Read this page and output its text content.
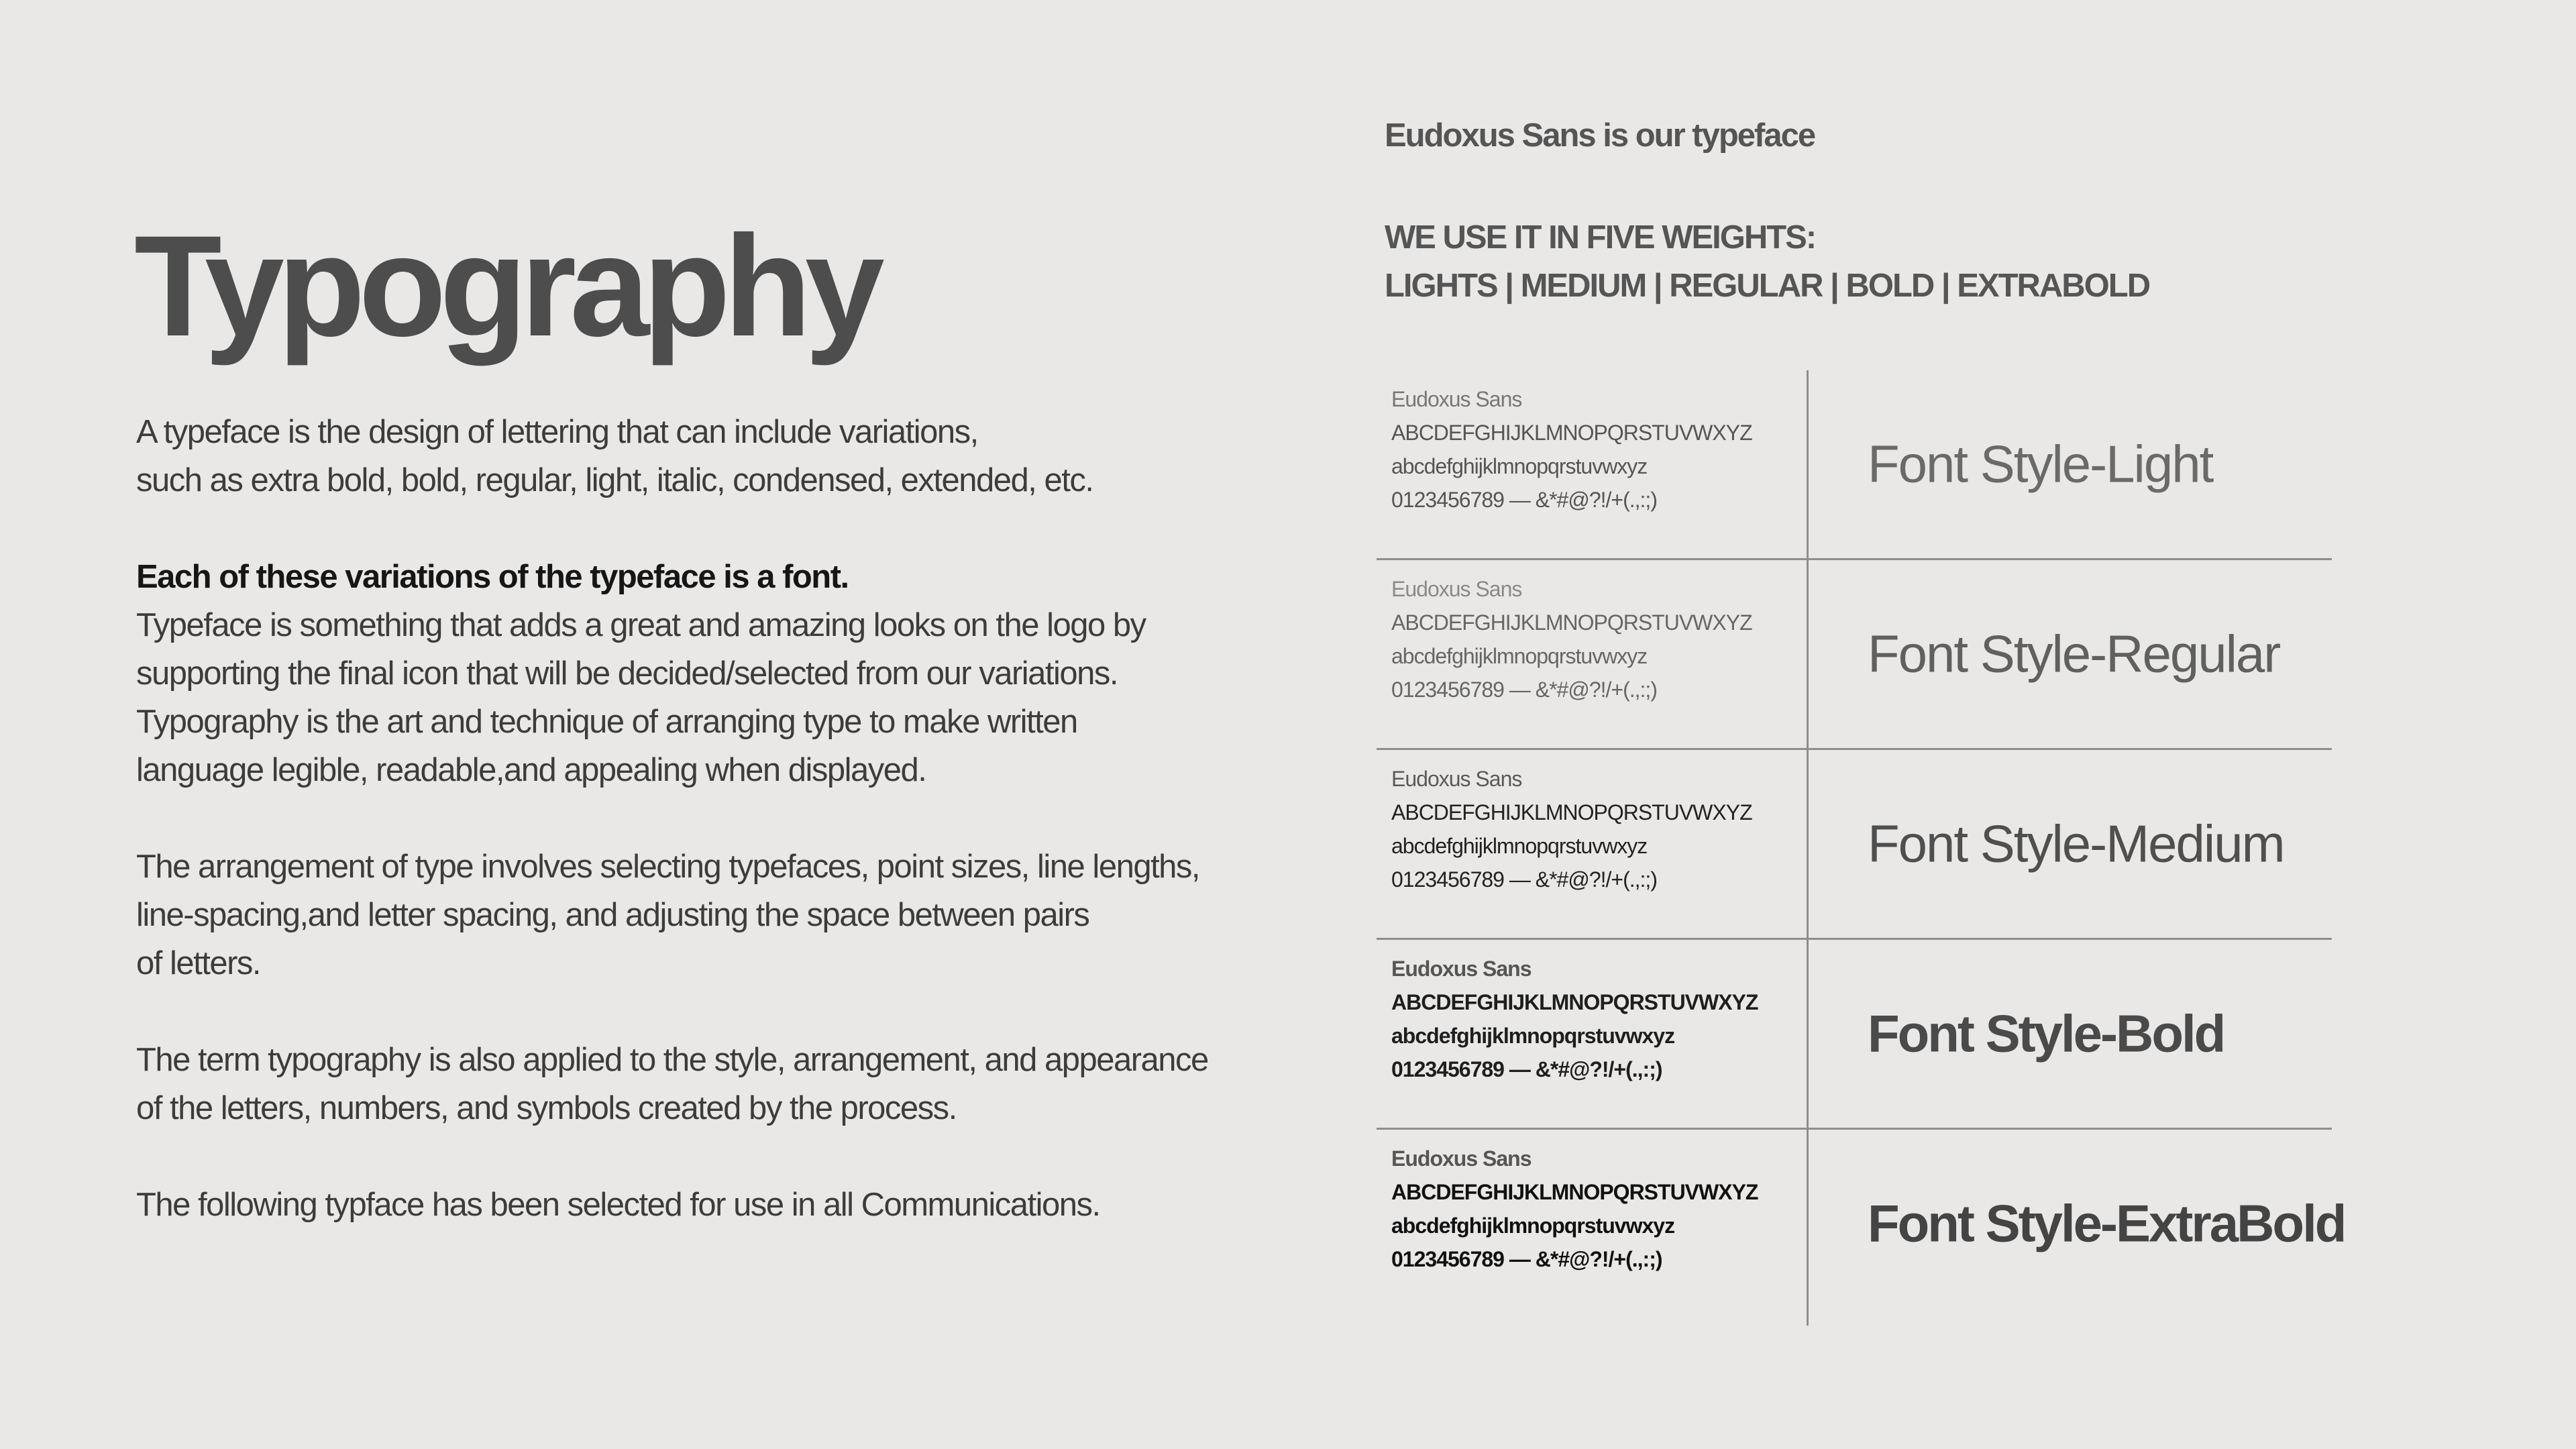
Typography

A typeface is the design of lettering that can include variations,

such as extra bold, bold, regular, light, italic, condensed, extended, etc.

Each of these variations of the typeface is a font.

Typeface is something that adds a great and amazing looks on the logo by

supporting the final icon that will be decided/selected from our variations.

Typography is the art and technique of arranging type to make written

language legible, readable,and appealing when displayed.

The arrangement of type involves selecting typefaces, point sizes, line lengths,

line-spacing,and letter spacing, and adjusting the space between pairs

of letters.

The term typography is also applied to the style, arrangement, and appearance

of the letters, numbers, and symbols created by the process.

The following typface has been selected for use in all Communications.

Eudoxus Sans is our typeface
WE USE IT IN FIVE WEIGHTS:
LIGHTS | MEDIUM | REGULAR | BOLD | EXTRABOLD
Eudoxus Sans
ABCDEFGHIJKLMNOPQRSTUVWXYZ
abcdefghijklmnopqrstuvwxyz
0123456789 — &*#@?!/+(.,:;)
Font Style-Light
Eudoxus Sans
ABCDEFGHIJKLMNOPQRSTUVWXYZ
abcdefghijklmnopqrstuvwxyz
0123456789 — &*#@?!/+(.,:;)
Font Style-Regular
Eudoxus Sans
ABCDEFGHIJKLMNOPQRSTUVWXYZ
abcdefghijklmnopqrstuvwxyz
0123456789 — &*#@?!/+(.,:;)
Font Style-Medium
Eudoxus Sans
ABCDEFGHIJKLMNOPQRSTUVWXYZ
abcdefghijklmnopqrstuvwxyz
0123456789 — &*#@?!/+(.,:;)
Font Style-Bold
Eudoxus Sans
ABCDEFGHIJKLMNOPQRSTUVWXYZ
abcdefghijklmnopqrstuvwxyz
0123456789 — &*#@?!/+(.,:;)
Font Style-ExtraBold
